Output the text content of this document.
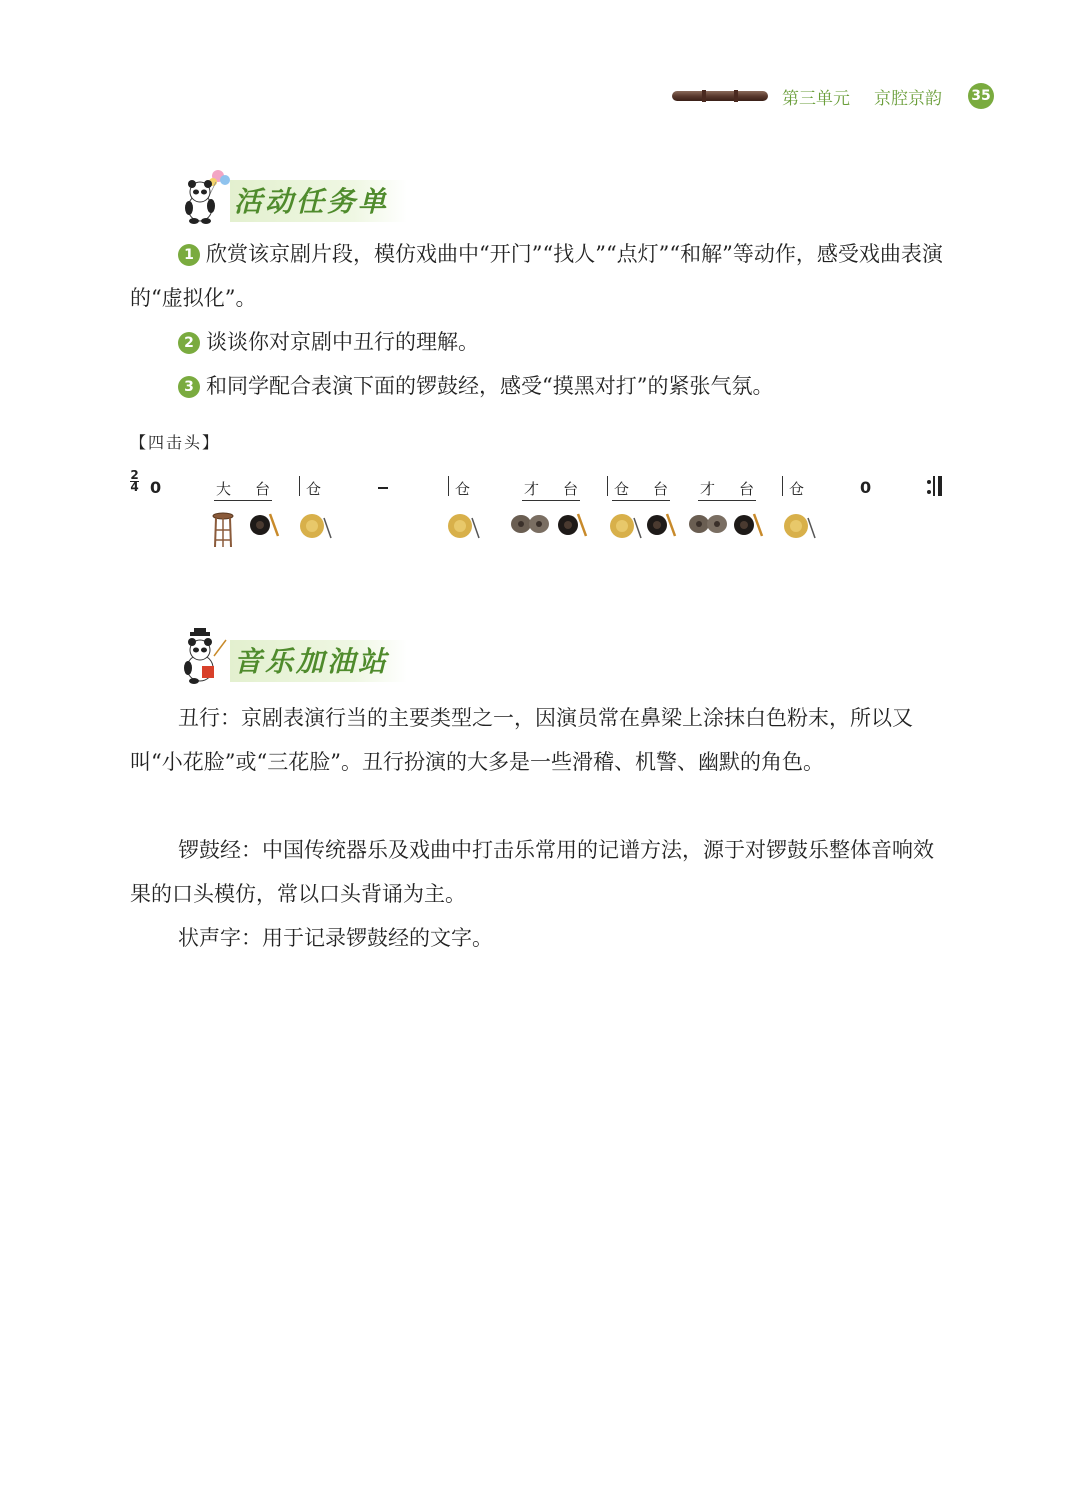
第三单元 京腔京韵 35
活动任务单

1 欣赏该京剧片段，模仿戏曲中“开门”“找人”“点灯”“和解”等动作，感受戏曲表演的“虚拟化”。

2 谈谈你对京剧中丑行的理解。
3 和同学配合表演下面的锣鼓经，感受“摸黑对打”的紧张气氛。
【四击头】
2
4 0	大 台 仓	仓	才 台 仓 台 才 台 仓	0
音乐加油站

丑行：京剧表演行当的主要类型之一，因演员常在鼻梁上涂抹白色粉末，所以又叫“小花脸”或“三花脸”。丑行扮演的大多是一些滑稽、机警、幽默的角色。

锣鼓经：中国传统器乐及戏曲中打击乐常用的记谱方法，源于对锣鼓乐整体音响效果的口头模仿，常以口头背诵为主。

状声字：用于记录锣鼓经的文字。
